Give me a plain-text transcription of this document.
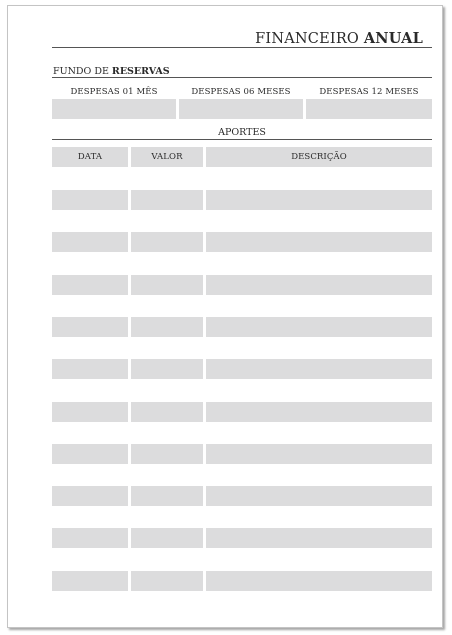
FINANCEIRO ANUAL
FUNDO DE RESERVAS
DESPESAS 01 MÊS	DESPESAS 06 MESES	DESPESAS 12 MESES
APORTES
DATA	VALOR	DESCRIÇÃO
